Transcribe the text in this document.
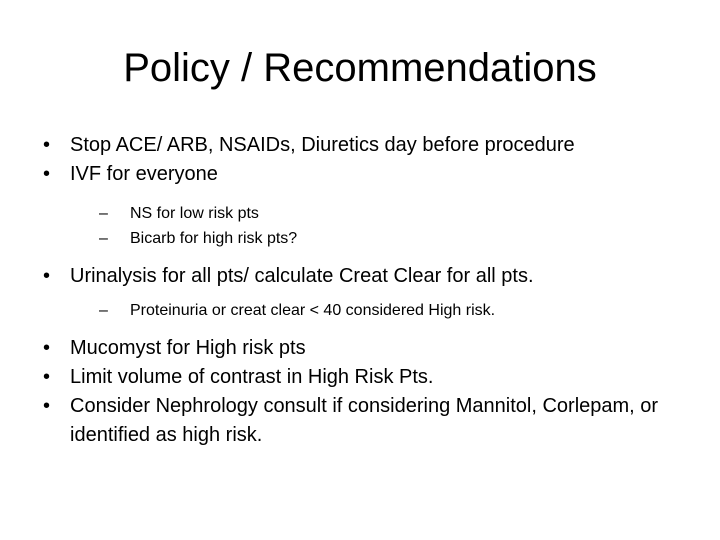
Policy / Recommendations
• Stop ACE/ ARB, NSAIDs, Diuretics day before procedure
• IVF for everyone
– NS for low risk pts
– Bicarb for high risk pts?
• Urinalysis for all pts/ calculate Creat Clear for all pts.
– Proteinuria or creat clear < 40 considered High risk.
• Mucomyst for High risk pts
• Limit volume of contrast in High Risk Pts.
• Consider Nephrology consult if considering Mannitol, Corlepam, or identified as high risk.
